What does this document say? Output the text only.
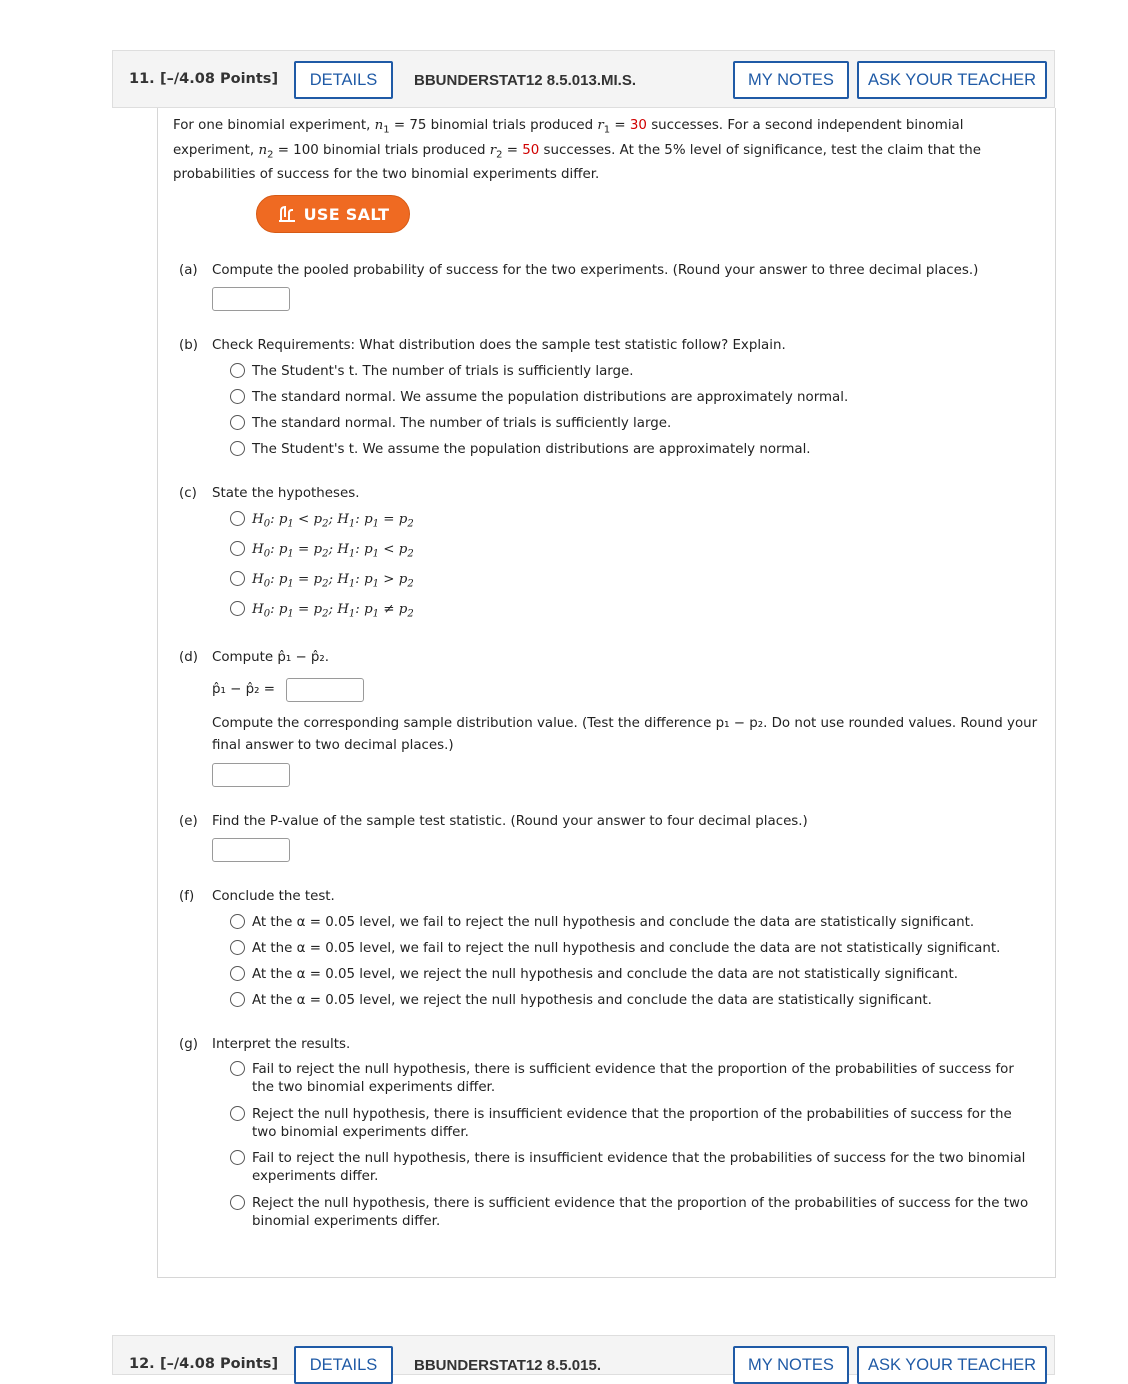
11. [–/4.08 Points]	DETAILS	BBUNDERSTAT12 8.5.013.MI.S.	MY NOTES	ASK YOUR TEACHER
For one binomial experiment, $n_1 = 75$ binomial trials produced $r_1 = 30$ successes. For a second independent binomial experiment, $n_2 = 100$ binomial trials produced $r_2 = 50$ successes. At the 5% level of significance, test the claim that the probabilities of success for the two binomial experiments differ.
USE SALT
(a) Compute the pooled probability of success for the two experiments. (Round your answer to three decimal places.)
(b) Check Requirements: What distribution does the sample test statistic follow? Explain.
The Student's t. The number of trials is sufficiently large.
The standard normal. We assume the population distributions are approximately normal.
The standard normal. The number of trials is sufficiently large.
The Student's t. We assume the population distributions are approximately normal.
(c) State the hypotheses.
$H_0$: $p_1 < p_2$; $H_1$: $p_1 = p_2$
$H_0$: $p_1 = p_2$; $H_1$: $p_1 < p_2$
$H_0$: $p_1 = p_2$; $H_1$: $p_1 > p_2$
$H_0$: $p_1 = p_2$; $H_1$: $p_1 \ne p_2$
(d) Compute p̂₁ − p̂₂.
p̂₁ − p̂₂ =
Compute the corresponding sample distribution value. (Test the difference p₁ − p₂. Do not use rounded values. Round your final answer to two decimal places.)
(e) Find the P-value of the sample test statistic. (Round your answer to four decimal places.)
(f) Conclude the test.
At the α = 0.05 level, we fail to reject the null hypothesis and conclude the data are statistically significant.
At the α = 0.05 level, we fail to reject the null hypothesis and conclude the data are not statistically significant.
At the α = 0.05 level, we reject the null hypothesis and conclude the data are not statistically significant.
At the α = 0.05 level, we reject the null hypothesis and conclude the data are statistically significant.
(g) Interpret the results.
Fail to reject the null hypothesis, there is sufficient evidence that the proportion of the probabilities of success for the two binomial experiments differ.
Reject the null hypothesis, there is insufficient evidence that the proportion of the probabilities of success for the two binomial experiments differ.
Fail to reject the null hypothesis, there is insufficient evidence that the probabilities of success for the two binomial experiments differ.
Reject the null hypothesis, there is sufficient evidence that the proportion of the probabilities of success for the two binomial experiments differ.
12. [–/4.08 Points]	DETAILS	BBUNDERSTAT12 8.5.015.	MY NOTES	ASK YOUR TEACHER
